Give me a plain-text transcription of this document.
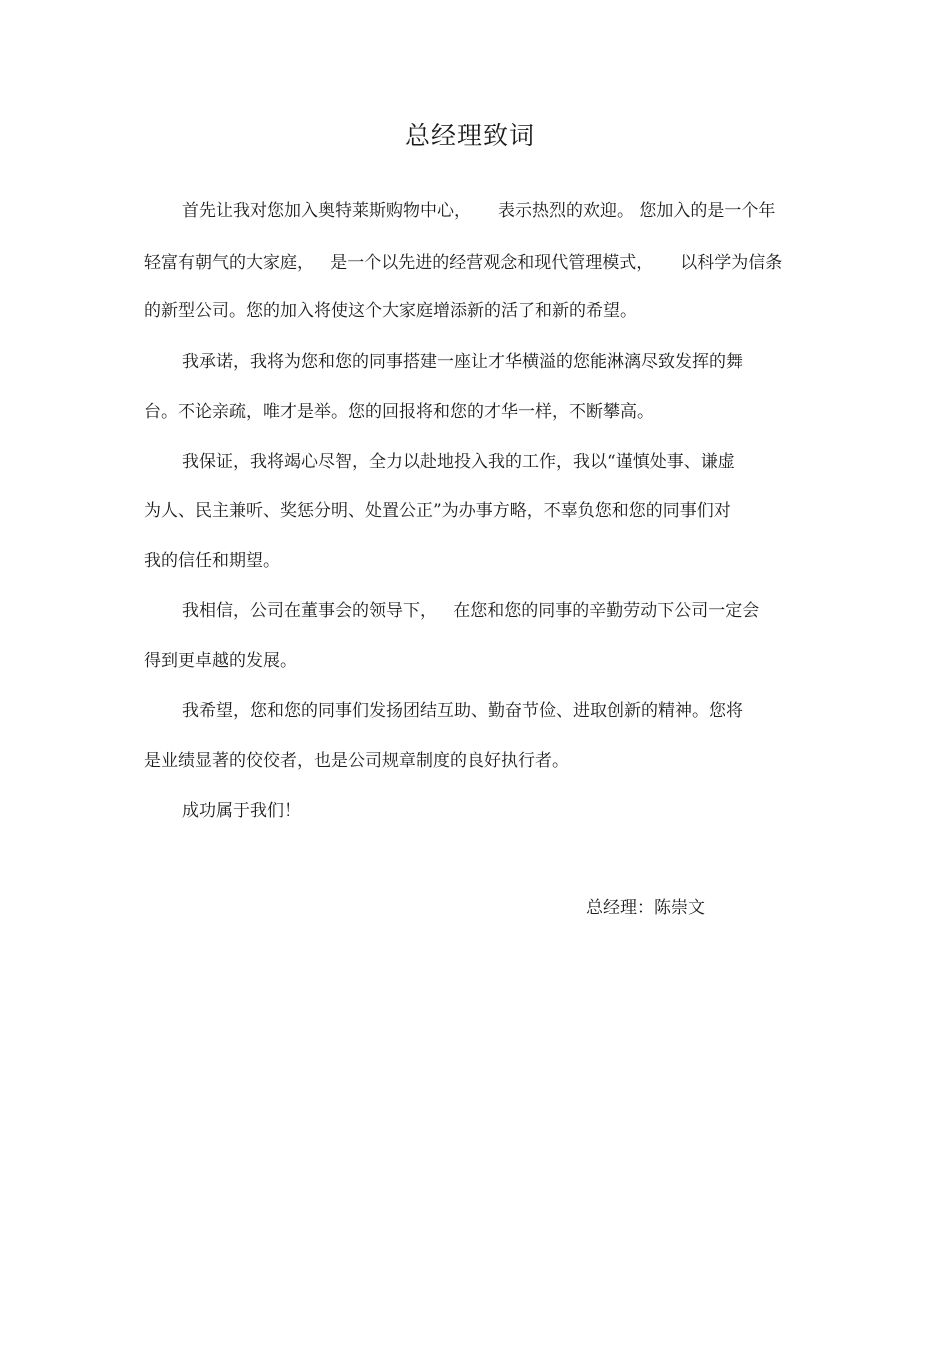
总经理致词
首先让我对您加入奥特莱斯购物中心，     表示热烈的欢迎。 您加入的是一个年
轻富有朝气的大家庭，   是一个以先进的经营观念和现代管理模式，     以科学为信条
的新型公司。您的加入将使这个大家庭增添新的活了和新的希望。
我承诺，我将为您和您的同事搭建一座让才华横溢的您能淋漓尽致发挥的舞
台。不论亲疏，唯才是举。您的回报将和您的才华一样，不断攀高。
我保证，我将竭心尽智，全力以赴地投入我的工作，我以“谨慎处事、谦虚
为人、民主兼听、奖惩分明、处置公正”为办事方略，不辜负您和您的同事们对
我的信任和期望。
我相信，公司在董事会的领导下，   在您和您的同事的辛勤劳动下公司一定会
得到更卓越的发展。
我希望，您和您的同事们发扬团结互助、勤奋节俭、进取创新的精神。您将
是业绩显著的佼佼者，也是公司规章制度的良好执行者。
成功属于我们！
总经理：陈崇文
